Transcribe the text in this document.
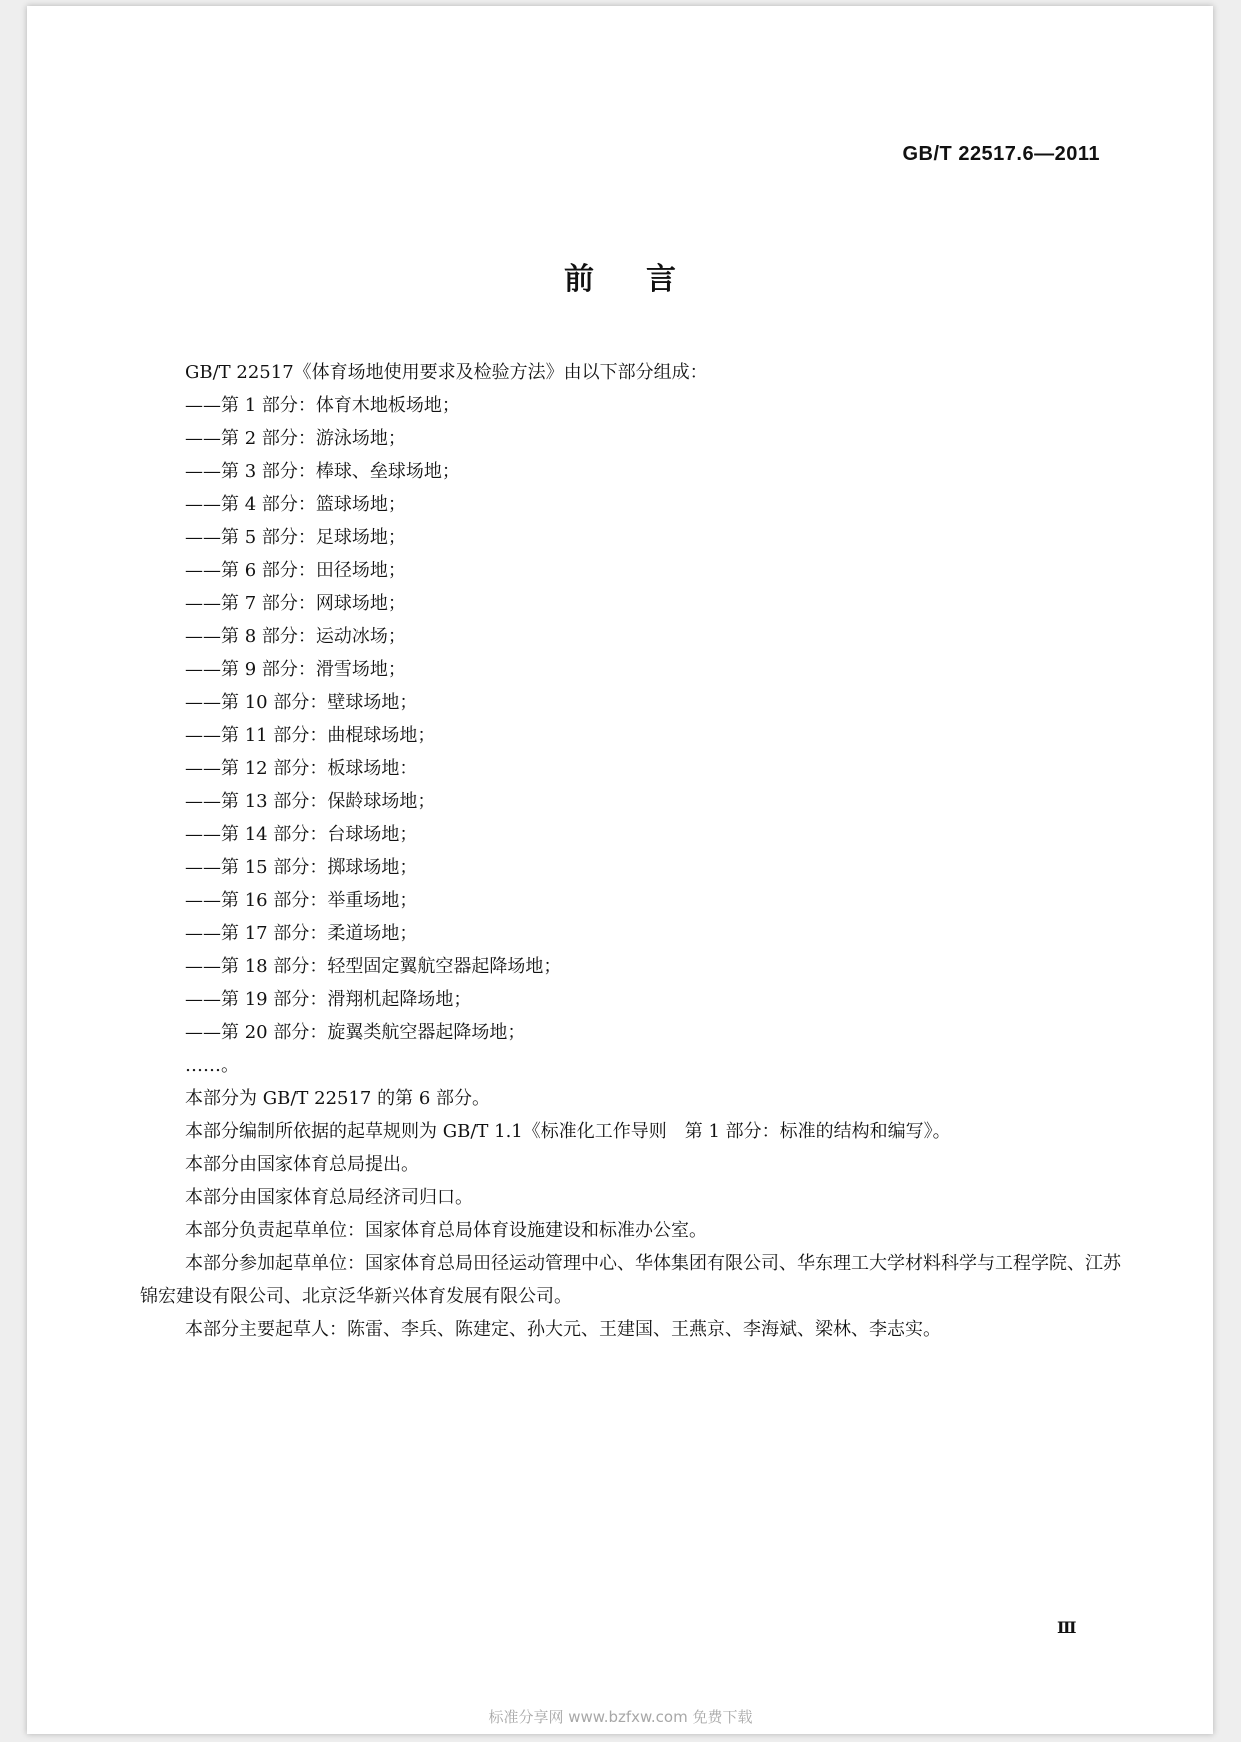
GB/T 22517.6—2011
前言
GB/T 22517《体育场地使用要求及检验方法》由以下部分组成：
——第 1 部分：体育木地板场地；
——第 2 部分：游泳场地；
——第 3 部分：棒球、垒球场地；
——第 4 部分：篮球场地；
——第 5 部分：足球场地；
——第 6 部分：田径场地；
——第 7 部分：网球场地；
——第 8 部分：运动冰场；
——第 9 部分：滑雪场地；
——第 10 部分：壁球场地；
——第 11 部分：曲棍球场地；
——第 12 部分：板球场地：
——第 13 部分：保龄球场地；
——第 14 部分：台球场地；
——第 15 部分：掷球场地；
——第 16 部分：举重场地；
——第 17 部分：柔道场地；
——第 18 部分：轻型固定翼航空器起降场地；
——第 19 部分：滑翔机起降场地；
——第 20 部分：旋翼类航空器起降场地；
……。
本部分为 GB/T 22517 的第 6 部分。
本部分编制所依据的起草规则为 GB/T 1.1《标准化工作导则　第 1 部分：标准的结构和编写》。
本部分由国家体育总局提出。
本部分由国家体育总局经济司归口。
本部分负责起草单位：国家体育总局体育设施建设和标准办公室。
本部分参加起草单位：国家体育总局田径运动管理中心、华体集团有限公司、华东理工大学材料科学与工程学院、江苏锦宏建设有限公司、北京泛华新兴体育发展有限公司。
本部分主要起草人：陈雷、李兵、陈建定、孙大元、王建国、王燕京、李海斌、梁林、李志实。
Ⅲ
标准分享网 www.bzfxw.com 免费下载
